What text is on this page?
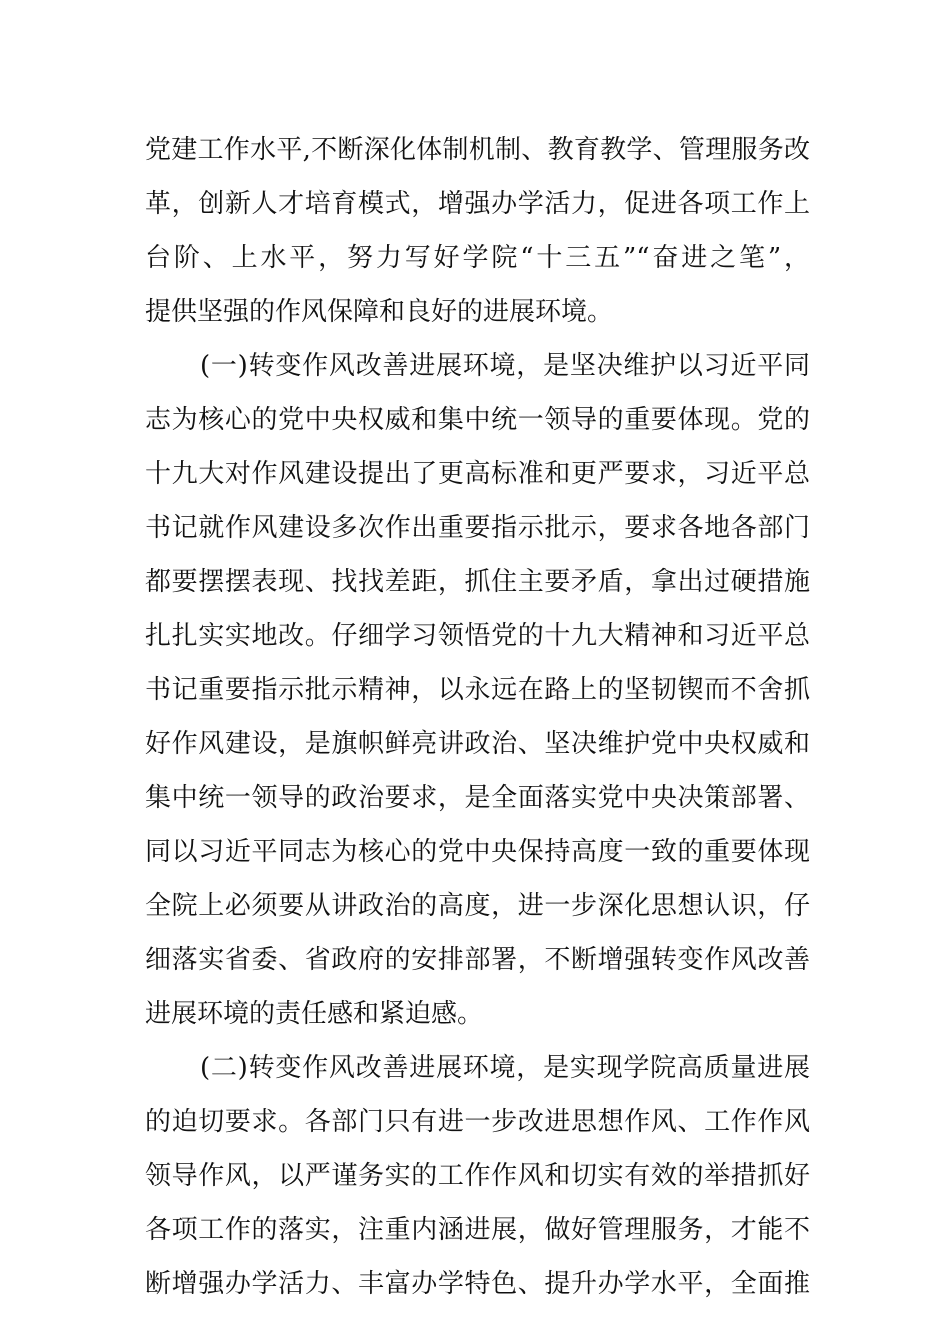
党建工作水平,不断深化体制机制、教育教学、管理服务改
革，创新人才培育模式，增强办学活力，促进各项工作上
台阶、上水平，努力写好学院“十三五”“奋进之笔”，
提供坚强的作风保障和良好的进展环境。
(一)转变作风改善进展环境，是坚决维护以习近平同
志为核心的党中央权威和集中统一领导的重要体现。党的
十九大对作风建设提出了更高标准和更严要求，习近平总
书记就作风建设多次作出重要指示批示，要求各地各部门
都要摆摆表现、找找差距，抓住主要矛盾，拿出过硬措施
扎扎实实地改。仔细学习领悟党的十九大精神和习近平总
书记重要指示批示精神，以永远在路上的坚韧锲而不舍抓
好作风建设，是旗帜鲜亮讲政治、坚决维护党中央权威和
集中统一领导的政治要求，是全面落实党中央决策部署、
同以习近平同志为核心的党中央保持高度一致的重要体现
全院上必须要从讲政治的高度，进一步深化思想认识，仔
细落实省委、省政府的安排部署，不断增强转变作风改善
进展环境的责任感和紧迫感。
(二)转变作风改善进展环境，是实现学院高质量进展
的迫切要求。各部门只有进一步改进思想作风、工作作风
领导作风，以严谨务实的工作作风和切实有效的举措抓好
各项工作的落实，注重内涵进展，做好管理服务，才能不
断增强办学活力、丰富办学特色、提升办学水平，全面推
